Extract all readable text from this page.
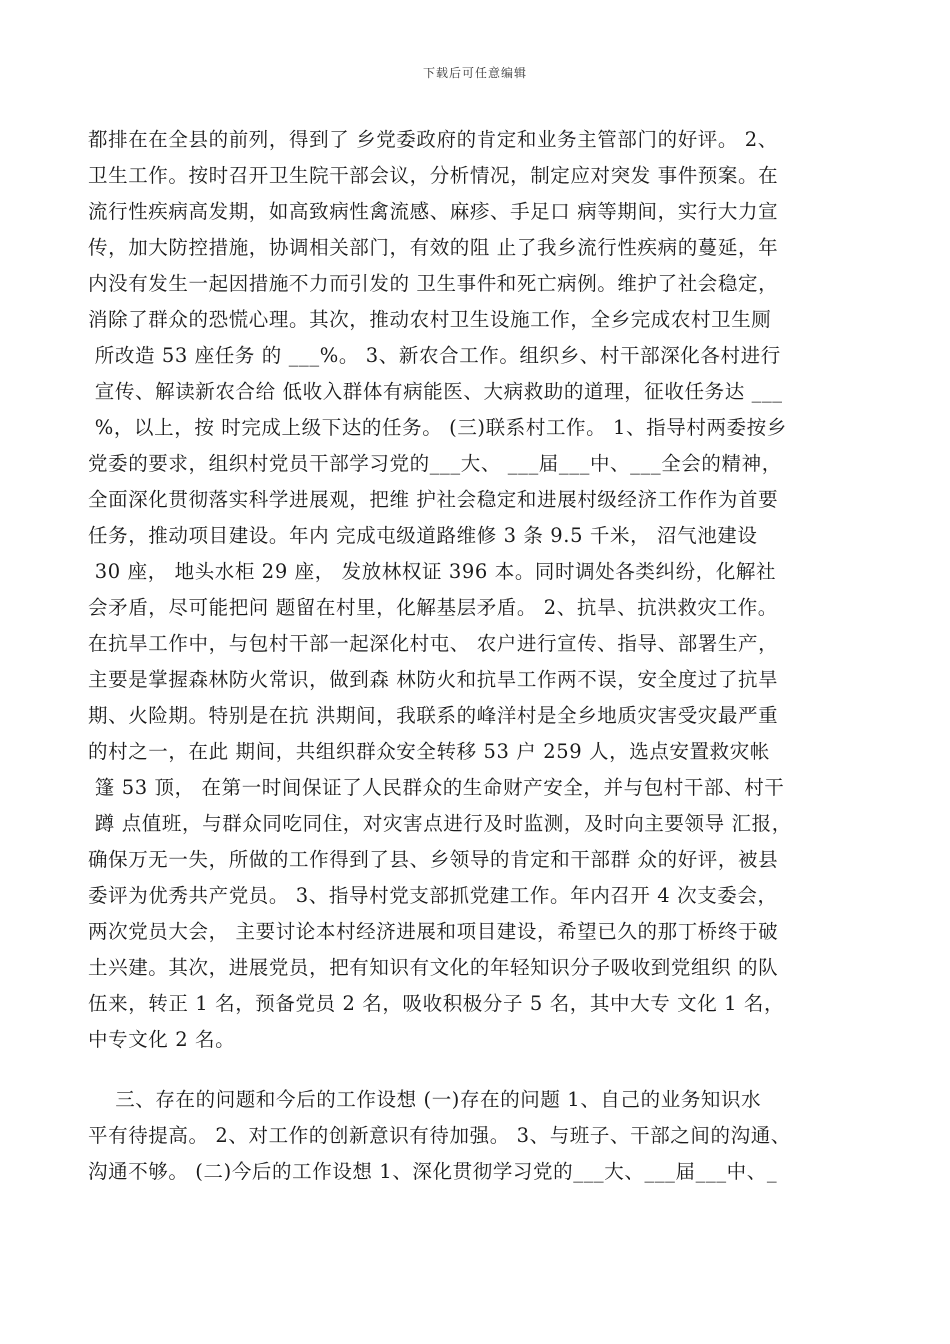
下载后可任意编辑
都排在在全县的前列，得到了 乡党委政府的肯定和业务主管部门的好评。 2、
卫生工作。按时召开卫生院干部会议，分析情况，制定应对突发 事件预案。在
流行性疾病高发期，如高致病性禽流感、麻疹、手足口 病等期间，实行大力宣
传，加大防控措施，协调相关部门，有效的阻 止了我乡流行性疾病的蔓延，年
内没有发生一起因措施不力而引发的 卫生事件和死亡病例。维护了社会稳定，
消除了群众的恐慌心理。其次，推动农村卫生设施工作，全乡完成农村卫生厕
所改造 53 座任务 的 ___%。 3、新农合工作。组织乡、村干部深化各村进行
宣传、解读新农合给 低收入群体有病能医、大病救助的道理，征收任务达 ___
%，以上，按 时完成上级下达的任务。 (三)联系村工作。 1、指导村两委按乡
党委的要求，组织村党员干部学习党的___大、 ___届___中、___全会的精神，
全面深化贯彻落实科学进展观，把维 护社会稳定和进展村级经济工作作为首要
任务，推动项目建设。年内 完成屯级道路维修 3 条 9.5 千米， 沼气池建设
30 座， 地头水柜 29 座， 发放林权证 396 本。同时调处各类纠纷，化解社
会矛盾，尽可能把问 题留在村里，化解基层矛盾。 2、抗旱、抗洪救灾工作。
在抗旱工作中，与包村干部一起深化村屯、 农户进行宣传、指导、部署生产，
主要是掌握森林防火常识，做到森 林防火和抗旱工作两不误，安全度过了抗旱
期、火险期。特别是在抗 洪期间，我联系的峰洋村是全乡地质灾害受灾最严重
的村之一，在此 期间，共组织群众安全转移 53 户 259 人，选点安置救灾帐
篷 53 顶， 在第一时间保证了人民群众的生命财产安全，并与包村干部、村干
蹲 点值班，与群众同吃同住，对灾害点进行及时监测，及时向主要领导 汇报，
确保万无一失，所做的工作得到了县、乡领导的肯定和干部群 众的好评，被县
委评为优秀共产党员。 3、指导村党支部抓党建工作。年内召开 4 次支委会，
两次党员大会， 主要讨论本村经济进展和项目建设，希望已久的那丁桥终于破
土兴建。其次，进展党员，把有知识有文化的年轻知识分子吸收到党组织 的队
伍来，转正 1 名，预备党员 2 名，吸收积极分子 5 名，其中大专 文化 1 名，
中专文化 2 名。
三、存在的问题和今后的工作设想 (一)存在的问题 1、自己的业务知识水
平有待提高。 2、对工作的创新意识有待加强。 3、与班子、干部之间的沟通、
沟通不够。 (二)今后的工作设想 1、深化贯彻学习党的___大、___届___中、_
